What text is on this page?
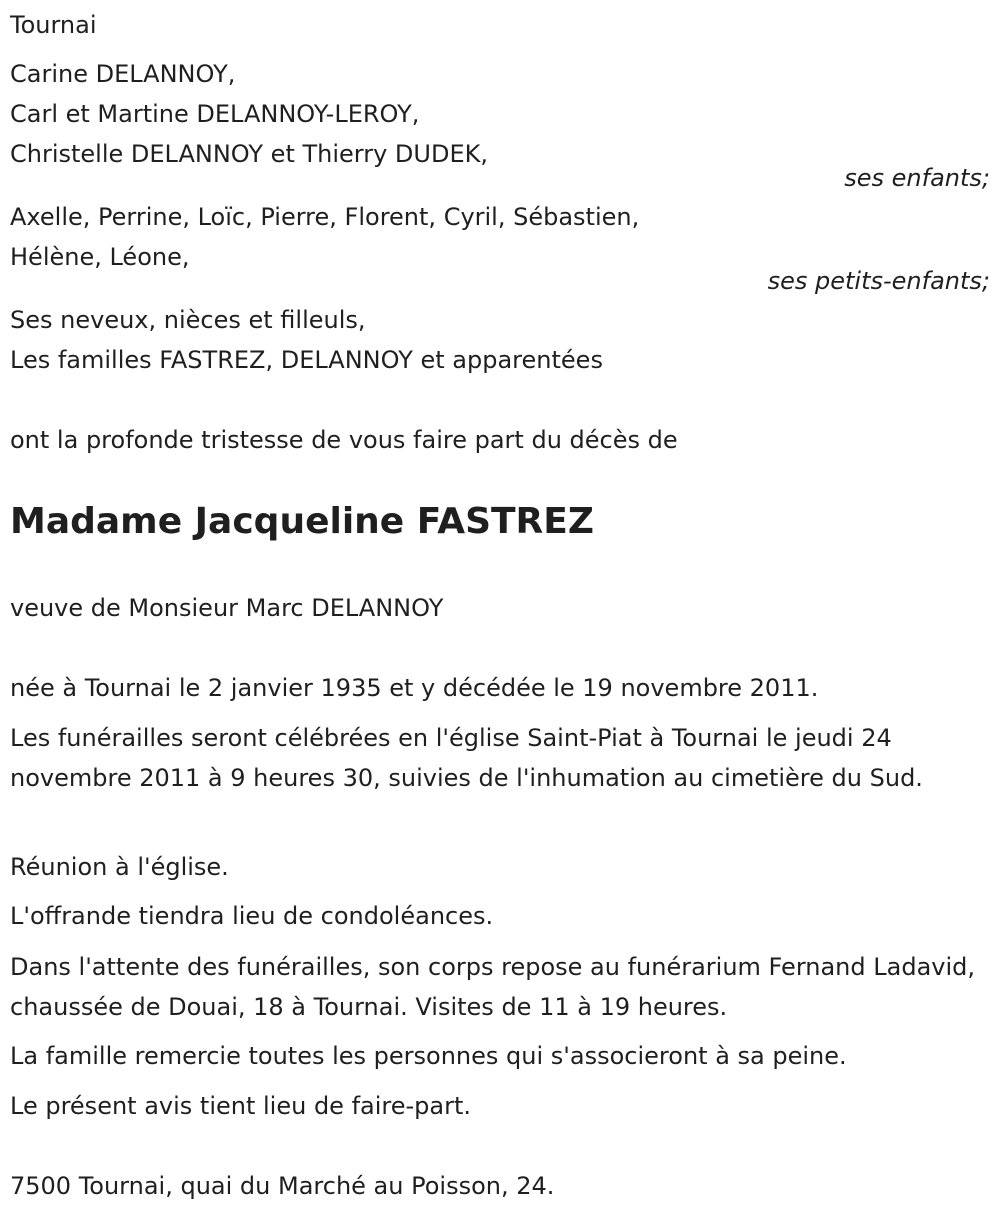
Tournai
Carine DELANNOY,
Carl et Martine DELANNOY-LEROY,
Christelle DELANNOY et Thierry DUDEK,
ses enfants;
Axelle, Perrine, Loïc, Pierre, Florent, Cyril, Sébastien,
Hélène, Léone,
ses petits-enfants;
Ses neveux, nièces et filleuls,
Les familles FASTREZ, DELANNOY et apparentées
ont la profonde tristesse de vous faire part du décès de
Madame Jacqueline FASTREZ
veuve de Monsieur Marc DELANNOY
née à Tournai le 2 janvier 1935 et y décédée le 19 novembre 2011.
Les funérailles seront célébrées en l'église Saint-Piat à Tournai le jeudi 24 novembre 2011 à 9 heures 30, suivies de l'inhumation au cimetière du Sud.
Réunion à l'église.
L'offrande tiendra lieu de condoléances.
Dans l'attente des funérailles, son corps repose au funérarium Fernand Ladavid, chaussée de Douai, 18 à Tournai. Visites de 11 à 19 heures.
La famille remercie toutes les personnes qui s'associeront à sa peine.
Le présent avis tient lieu de faire-part.
7500 Tournai, quai du Marché au Poisson, 24.
